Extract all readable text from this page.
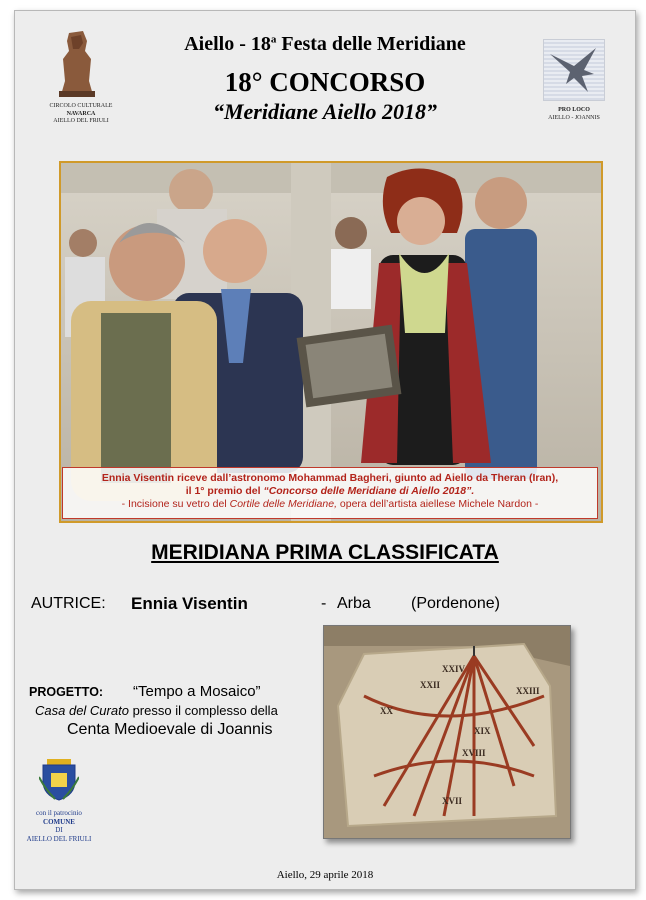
CIRCOLO CULTURALE
NAVARCA
AIELLO DEL FRIULI
PRO LOCO
AIELLO - JOANNIS
Aiello - 18$^a$ Festa delle Meridiane
18° CONCORSO
“Meridiane Aiello 2018”
Ennia Visentin riceve dall’astronomo Mohammad Bagheri, giunto ad Aiello da Theran (Iran),
il 1° premio del “Concorso delle Meridiane di Aiello 2018”.
- Incisione su vetro del Cortile delle Meridiane, opera dell’artista aiellese Michele Nardon -
MERIDIANA PRIMA CLASSIFICATA
AUTRICE: Ennia Visentin	- Arba	(Pordenone)
XXIV
XXII
XXIII
XX
XIX
XVIII
XVII
PROGETTO: “Tempo a Mosaico”
Casa del Curato presso il complesso della
Centa Medioevale di Joannis
con il patrocinio
COMUNE
DI
AIELLO DEL FRIULI
Aiello, 29 aprile 2018
